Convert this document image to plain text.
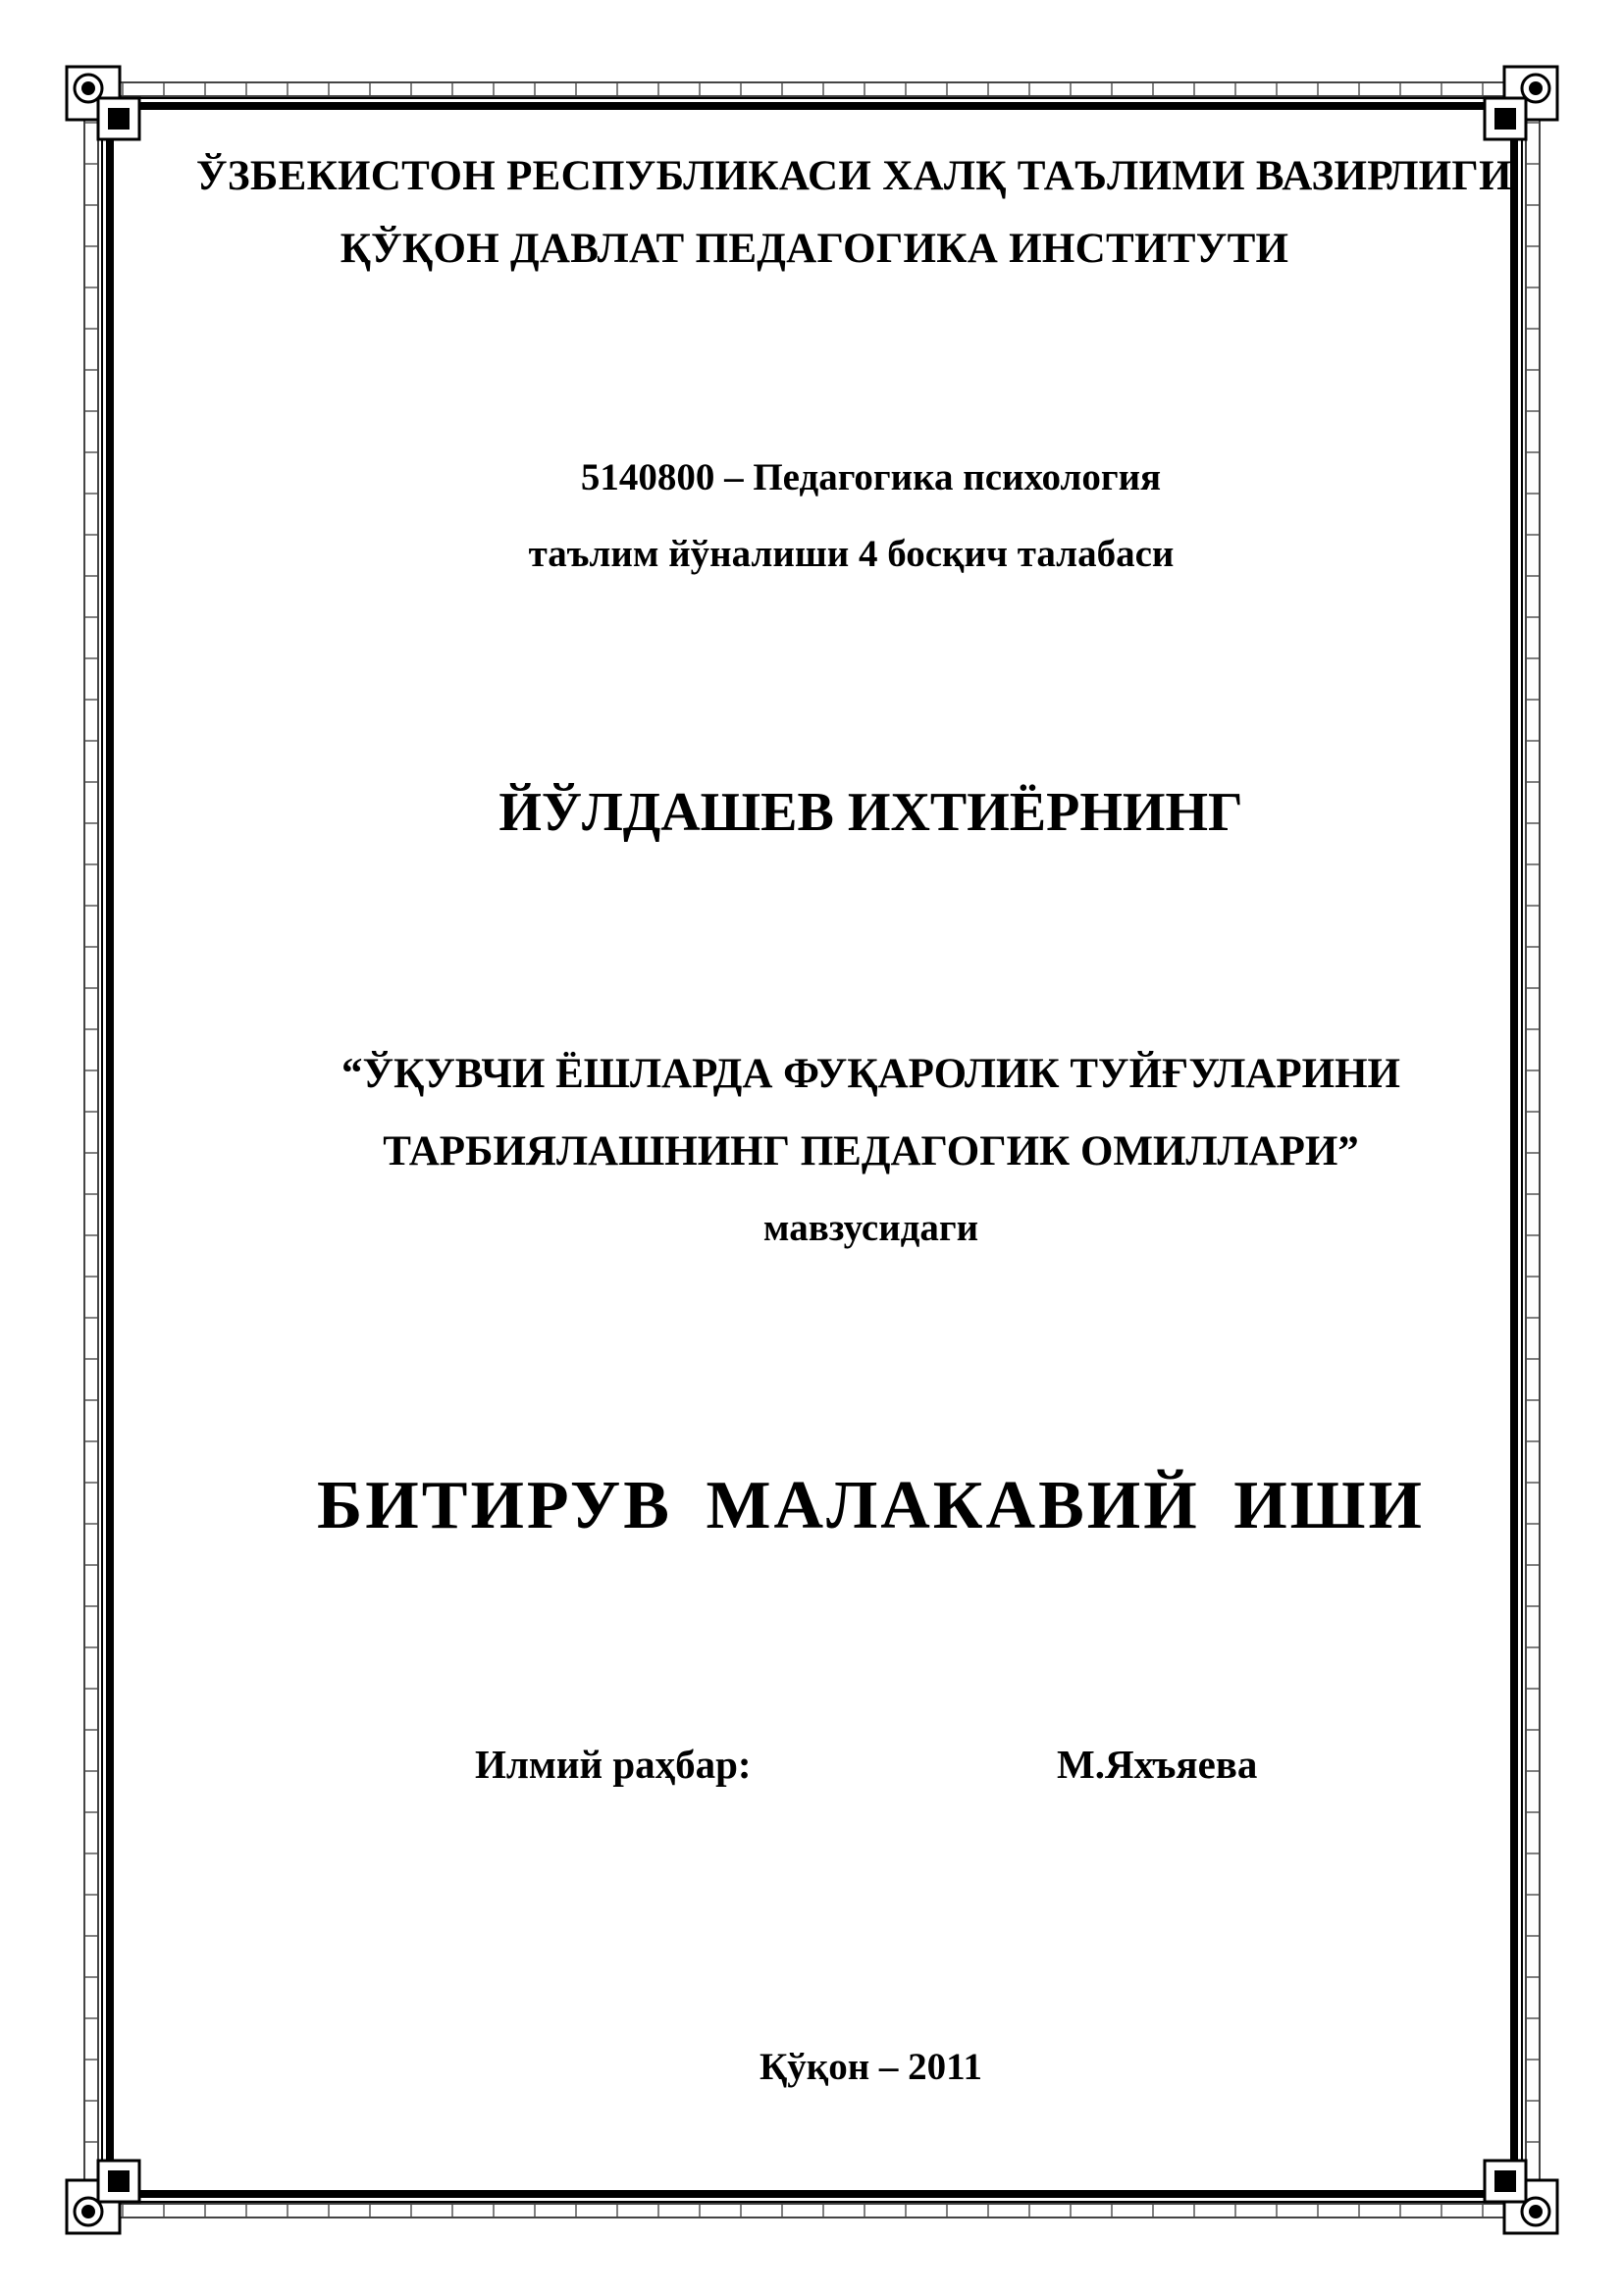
ЎЗБЕКИСТОН РЕСПУБЛИКАСИ ХАЛҚ ТАЪЛИМИ ВАЗИРЛИГИ

ҚЎҚОН ДАВЛАТ ПЕДАГОГИКА ИНСТИТУТИ

5140800 – Педагогика психология

таълим йўналиши 4 босқич талабаси

ЙЎЛДАШЕВ ИХТИЁРНИНГ

“ЎҚУВЧИ ЁШЛАРДА ФУҚАРОЛИК ТУЙҒУЛАРИНИ

ТАРБИЯЛАШНИНГ ПЕДАГОГИК ОМИЛЛАРИ”

мавзусидаги

БИТИРУВ МАЛАКАВИЙ ИШИ

Илмий раҳбар:	М.Яхъяева

Қўқон – 2011
